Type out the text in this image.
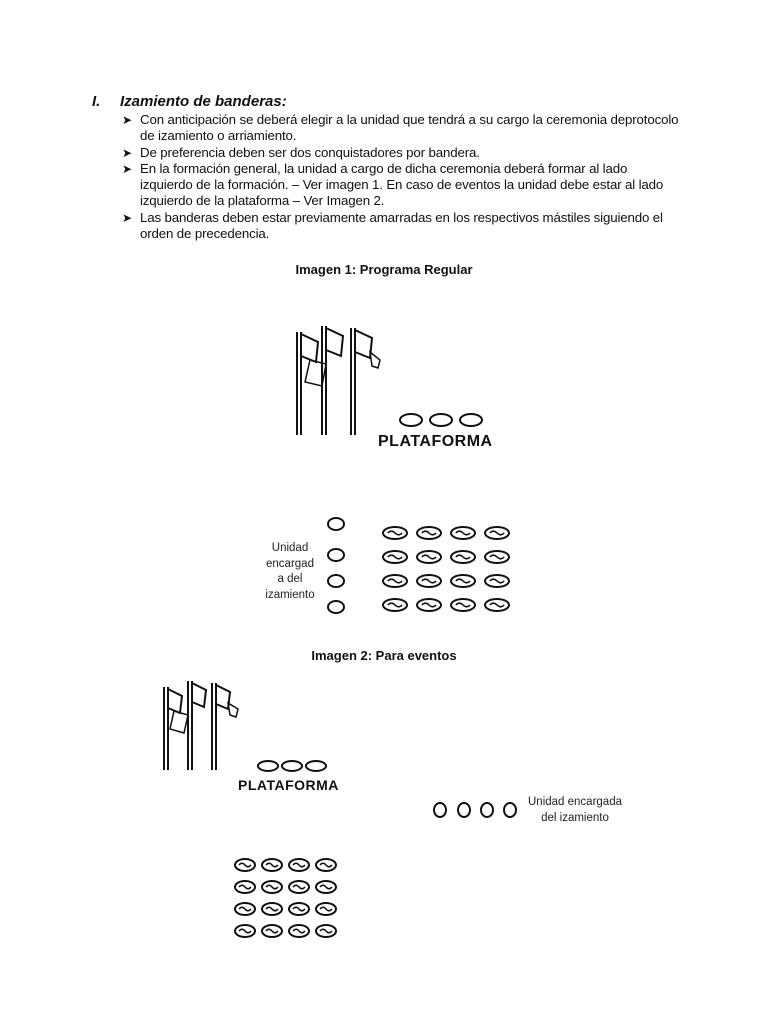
I. Izamiento de banderas:
➤ Con anticipación se deberá elegir a la unidad que tendrá a su cargo la ceremonia deprotocolo de izamiento o arriamiento.
➤ De preferencia deben ser dos conquistadores por bandera.
➤ En la formación general, la unidad a cargo de dicha ceremonia deberá formar al lado izquierdo de la formación. – Ver imagen 1. En caso de eventos la unidad debe estar al lado izquierdo de la plataforma – Ver Imagen 2.
➤ Las banderas deben estar previamente amarradas en los respectivos mástiles siguiendo el orden de precedencia.
Imagen 1: Programa Regular
PLATAFORMA
Unidad
encargad
a del
izamiento
Imagen 2: Para eventos
PLATAFORMA
Unidad encargada
del izamiento
